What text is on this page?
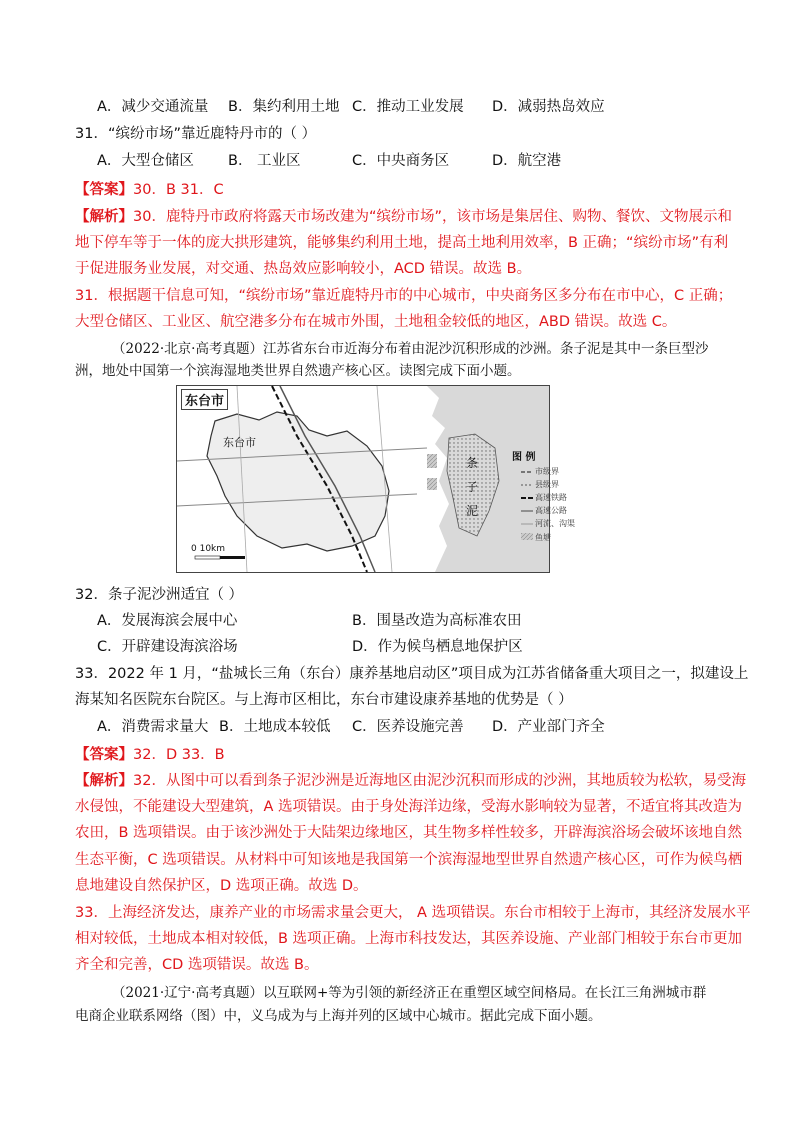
A．减少交通流量 B．集约利用土地 C．推动工业发展 D．减弱热岛效应
31．“缤纷市场”靠近鹿特丹市的（ ）
A．大型仓储区 B． 工业区	C．中央商务区	D．航空港
【答案】30．B 31．C
【解析】30．鹿特丹市政府将露天市场改建为“缤纷市场”，该市场是集居住、购物、餐饮、文物展示和
地下停车等于一体的庞大拱形建筑，能够集约利用土地，提高土地利用效率，B 正确；“缤纷市场”有利
于促进服务业发展，对交通、热岛效应影响较小，ACD 错误。故选 B。
31．根据题干信息可知，“缤纷市场”靠近鹿特丹市的中心城市，中央商务区多分布在市中心，C 正确；
大型仓储区、工业区、航空港多分布在城市外围，土地租金较低的地区，ABD 错误。故选 C。
（2022·北京·高考真题）江苏省东台市近海分布着由泥沙沉积形成的沙洲。条子泥是其中一条巨型沙
洲，地处中国第一个滨海湿地类世界自然遗产核心区。读图完成下面小题。
东台市
东台市
条
子
泥
0 10km
图 例
市级界
县级界
高速铁路
高速公路
河流、沟渠
鱼塘
32．条子泥沙洲适宜（ ）
A．发展海滨会展中心	B．围垦改造为高标准农田
C．开辟建设海滨浴场	D．作为候鸟栖息地保护区
33．2022 年 1 月，“盐城长三角（东台）康养基地启动区”项目成为江苏省储备重大项目之一，拟建设上
海某知名医院东台院区。与上海市区相比，东台市建设康养基地的优势是（ ）
A．消费需求量大 B．土地成本较低 C．医养设施完善 D．产业部门齐全
【答案】32．D 33．B
【解析】32．从图中可以看到条子泥沙洲是近海地区由泥沙沉积而形成的沙洲，其地质较为松软，易受海
水侵蚀，不能建设大型建筑，A 选项错误。由于身处海洋边缘，受海水影响较为显著，不适宜将其改造为
农田，B 选项错误。由于该沙洲处于大陆架边缘地区，其生物多样性较多，开辟海滨浴场会破坏该地自然
生态平衡，C 选项错误。从材料中可知该地是我国第一个滨海湿地型世界自然遗产核心区，可作为候鸟栖
息地建设自然保护区，D 选项正确。故选 D。
33．上海经济发达，康养产业的市场需求量会更大， A 选项错误。东台市相较于上海市，其经济发展水平
相对较低，土地成本相对较低，B 选项正确。上海市科技发达，其医养设施、产业部门相较于东台市更加
齐全和完善，CD 选项错误。故选 B。
（2021·辽宁·高考真题）以互联网+等为引领的新经济正在重塑区域空间格局。在长江三角洲城市群
电商企业联系网络（图）中，义乌成为与上海并列的区域中心城市。据此完成下面小题。
